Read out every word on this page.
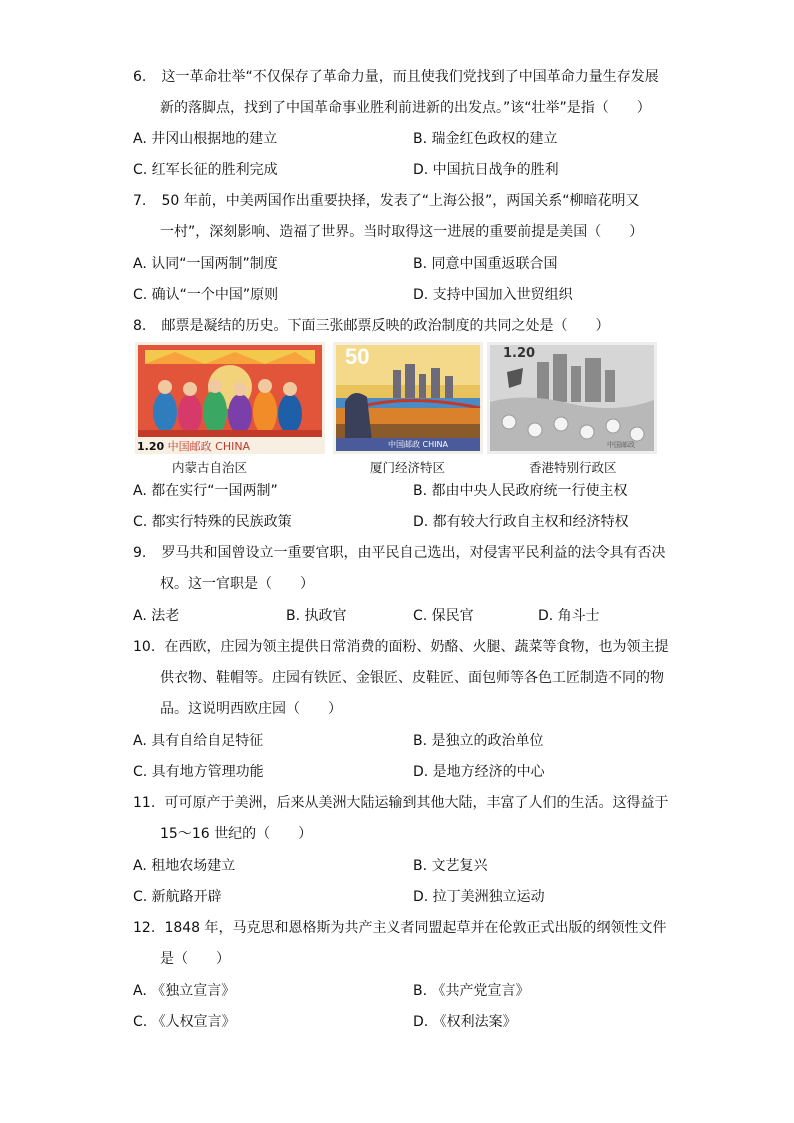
6. 这一革命壮举“不仅保存了革命力量，而且使我们党找到了中国革命力量生存发展
新的落脚点，找到了中国革命事业胜利前进新的出发点。”该“壮举”是指（　　）
A. 井冈山根据地的建立	B. 瑞金红色政权的建立
C. 红军长征的胜利完成	D. 中国抗日战争的胜利
7. 50 年前，中美两国作出重要抉择，发表了“上海公报”，两国关系“柳暗花明又
一村”，深刻影响、造福了世界。当时取得这一进展的重要前提是美国（　　）
A. 认同“一国两制”制度	B. 同意中国重返联合国
C. 确认“一个中国”原则	D. 支持中国加入世贸组织
8. 邮票是凝结的历史。下面三张邮票反映的政治制度的共同之处是（　　）
1.20 中国邮政 CHINA
50
中国邮政 CHINA
1.20
中国邮政
内蒙古自治区	厦门经济特区	香港特别行政区
A. 都在实行“一国两制”	B. 都由中央人民政府统一行使主权
C. 都实行特殊的民族政策	D. 都有较大行政自主权和经济特权
9. 罗马共和国曾设立一重要官职，由平民自己选出，对侵害平民利益的法令具有否决
权。这一官职是（　　）
A. 法老	B. 执政官	C. 保民官	D. 角斗士
10. 在西欧，庄园为领主提供日常消费的面粉、奶酪、火腿、蔬菜等食物，也为领主提
供衣物、鞋帽等。庄园有铁匠、金银匠、皮鞋匠、面包师等各色工匠制造不同的物
品。这说明西欧庄园（　　）
A. 具有自给自足特征	B. 是独立的政治单位
C. 具有地方管理功能	D. 是地方经济的中心
11. 可可原产于美洲，后来从美洲大陆运输到其他大陆，丰富了人们的生活。这得益于
15～16 世纪的（　　）
A. 租地农场建立	B. 文艺复兴
C. 新航路开辟	D. 拉丁美洲独立运动
12. 1848 年，马克思和恩格斯为共产主义者同盟起草并在伦敦正式出版的纲领性文件
是（　　）
A. 《独立宣言》	B. 《共产党宣言》
C. 《人权宣言》	D. 《权利法案》
